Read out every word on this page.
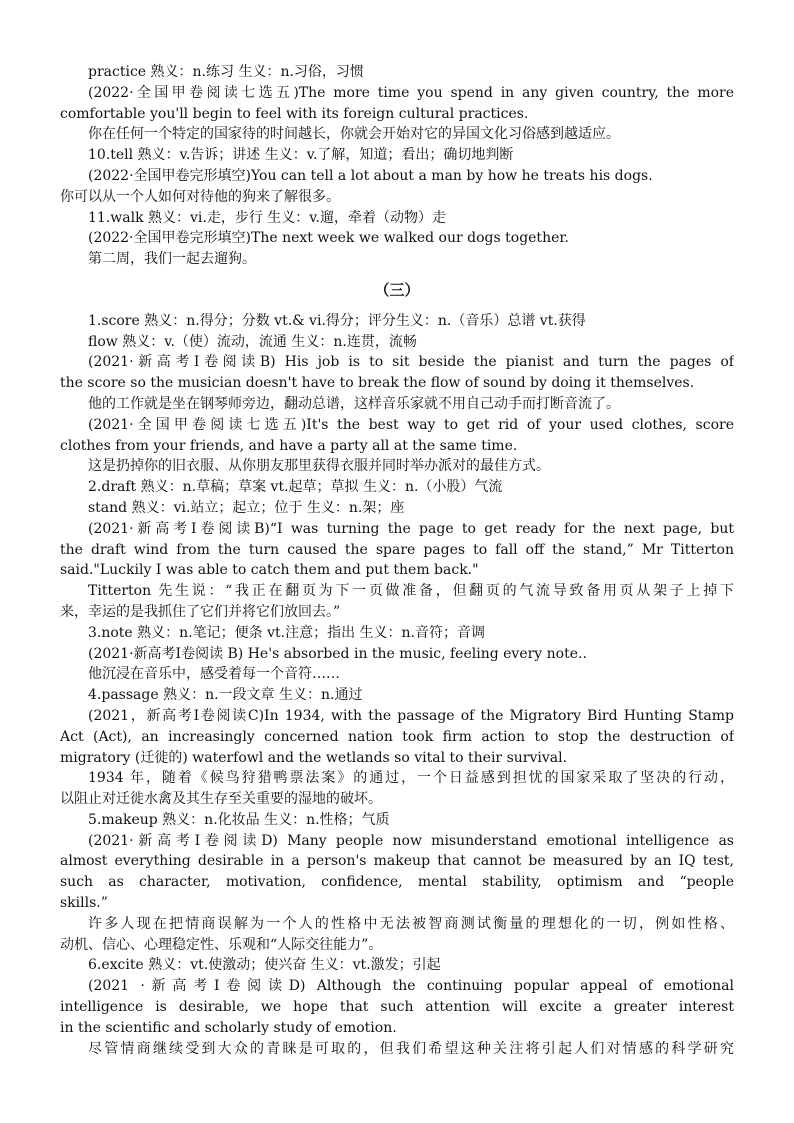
practice 熟义：n.练习 生义：n.习俗，习惯
(2022·全国甲卷阅读七选五)The more time you spend in any given country, the more
comfortable you'll begin to feel with its foreign cultural practices.
你在任何一个特定的国家待的时间越长，你就会开始对它的异国文化习俗感到越适应。
10.tell 熟义：v.告诉；讲述 生义：v.了解，知道；看出；确切地判断
(2022·全国甲卷完形填空)You can tell a lot about a man by how he treats his dogs.
你可以从一个人如何对待他的狗来了解很多。
11.walk 熟义：vi.走，步行 生义：v.遛，牵着（动物）走
(2022·全国甲卷完形填空)The next week we walked our dogs together.
第二周，我们一起去遛狗。
（三）
1.score 熟义：n.得分；分数 vt.& vi.得分；评分生义：n.（音乐）总谱 vt.获得
flow 熟义：v.（使）流动，流通 生义：n.连贯，流畅
(2021·新高考Ⅰ卷阅读B) His job is to sit beside the pianist and turn the pages of
the score so the musician doesn't have to break the flow of sound by doing it themselves.
他的工作就是坐在钢琴师旁边，翻动总谱，这样音乐家就不用自己动手而打断音流了。
(2021·全国甲卷阅读七选五)It's the best way to get rid of your used clothes, score
clothes from your friends, and have a party all at the same time.
这是扔掉你的旧衣服、从你朋友那里获得衣服并同时举办派对的最佳方式。
2.draft 熟义：n.草稿；草案 vt.起草；草拟 生义：n.（小股）气流
stand 熟义：vi.站立；起立；位于 生义：n.架；座
(2021·新高考Ⅰ卷阅读B)“I was turning the page to get ready for the next page, but
the draft wind from the turn caused the spare pages to fall off the stand,” Mr Titterton
said."Luckily I was able to catch them and put them back."
Titterton 先生说：“我正在翻页为下一页做准备，但翻页的气流导致备用页从架子上掉下
来，幸运的是我抓住了它们并将它们放回去。”
3.note 熟义：n.笔记；便条 vt.注意；指出 生义：n.音符；音调
(2021·新高考Ⅰ卷阅读 B) He's absorbed in the music, feeling every note..
他沉浸在音乐中，感受着每一个音符……
4.passage 熟义：n.一段文章 生义：n.通过
(2021，新高考Ⅰ卷阅读C)In 1934, with the passage of the Migratory Bird Hunting Stamp
Act (Act), an increasingly concerned nation took firm action to stop the destruction of
migratory (迁徙的) waterfowl and the wetlands so vital to their survival.
1934 年，随着《候鸟狩猎鸭票法案》的通过，一个日益感到担忧的国家采取了坚决的行动，
以阻止对迁徙水禽及其生存至关重要的湿地的破坏。
5.makeup 熟义：n.化妆品 生义：n.性格；气质
(2021·新高考Ⅰ卷阅读D) Many people now misunderstand emotional intelligence as
almost everything desirable in a person's makeup that cannot be measured by an IQ test,
such as character, motivation, confidence, mental stability, optimism and “people
skills.”
许多人现在把情商误解为一个人的性格中无法被智商测试衡量的理想化的一切，例如性格、
动机、信心、心理稳定性、乐观和“人际交往能力”。
6.excite 熟义：vt.使激动；使兴奋 生义：vt.激发；引起
(2021 ·新高考Ⅰ卷阅读D) Although the continuing popular appeal of emotional
intelligence is desirable, we hope that such attention will excite a greater interest
in the scientific and scholarly study of emotion.
尽管情商继续受到大众的青睐是可取的，但我们希望这种关注将引起人们对情感的科学研究
